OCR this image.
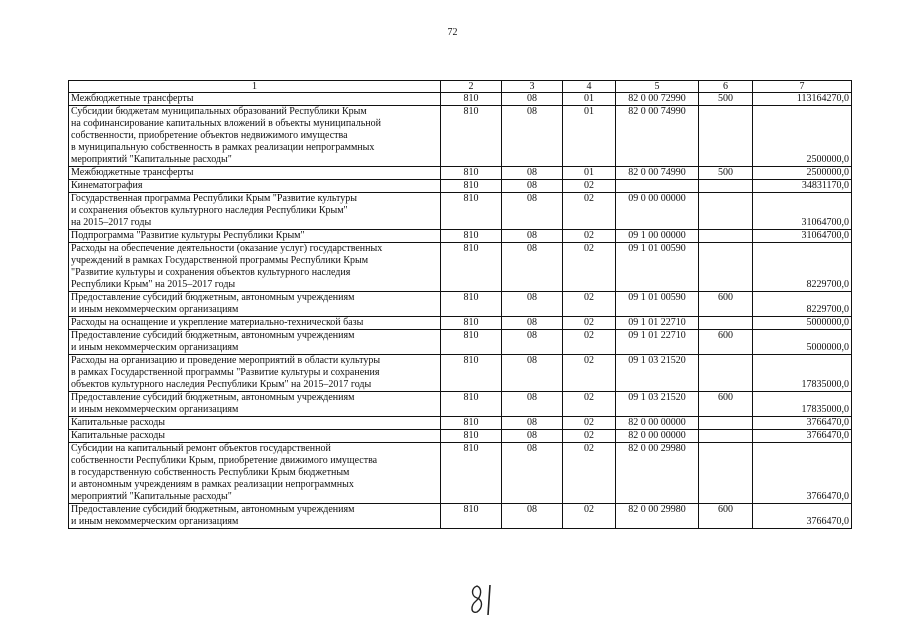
72
1	2	3	4	5	6	7
Межбюджетные трансферты	810	08	01	82 0 00 72990	500	113164270,0
Субсидии бюджетам муниципальных образований Республики Крым
на софинансирование капитальных вложений в объекты муниципальной
собственности, приобретение объектов недвижимого имущества
в муниципальную собственность в рамках реализации непрограммных
мероприятий "Капитальные расходы"	810	08	01	82 0 00 74990		2500000,0
Межбюджетные трансферты	810	08	01	82 0 00 74990	500	2500000,0
Кинематография	810	08	02			34831170,0
Государственная программа Республики Крым "Развитие культуры
и сохранения объектов культурного наследия Республики Крым"
на 2015–2017 годы	810	08	02	09 0 00 00000		31064700,0
Подпрограмма "Развитие культуры Республики Крым"	810	08	02	09 1 00 00000		31064700,0
Расходы на обеспечение деятельности (оказание услуг) государственных
учреждений в рамках Государственной программы Республики Крым
"Развитие культуры и сохранения объектов культурного наследия
Республики Крым" на 2015–2017 годы	810	08	02	09 1 01 00590		8229700,0
Предоставление субсидий бюджетным, автономным учреждениям
и иным некоммерческим организациям	810	08	02	09 1 01 00590	600	8229700,0
Расходы на оснащение и укрепление материально-технической базы	810	08	02	09 1 01 22710		5000000,0
Предоставление субсидий бюджетным, автономным учреждениям
и иным некоммерческим организациям	810	08	02	09 1 01 22710	600	5000000,0
Расходы на организацию и проведение мероприятий в области культуры
в рамках Государственной программы "Развитие культуры и сохранения
объектов культурного наследия Республики Крым" на 2015–2017 годы	810	08	02	09 1 03 21520		17835000,0
Предоставление субсидий бюджетным, автономным учреждениям
и иным некоммерческим организациям	810	08	02	09 1 03 21520	600	17835000,0
Капитальные расходы	810	08	02	82 0 00 00000		3766470,0
Капитальные расходы	810	08	02	82 0 00 00000		3766470,0
Субсидии на капитальный ремонт объектов государственной
собственности Республики Крым, приобретение движимого имущества
в государственную собственность Республики Крым бюджетным
и автономным учреждениям в рамках реализации непрограммных
мероприятий "Капитальные расходы"	810	08	02	82 0 00 29980		3766470,0
Предоставление субсидий бюджетным, автономным учреждениям
и иным некоммерческим организациям	810	08	02	82 0 00 29980	600	3766470,0
